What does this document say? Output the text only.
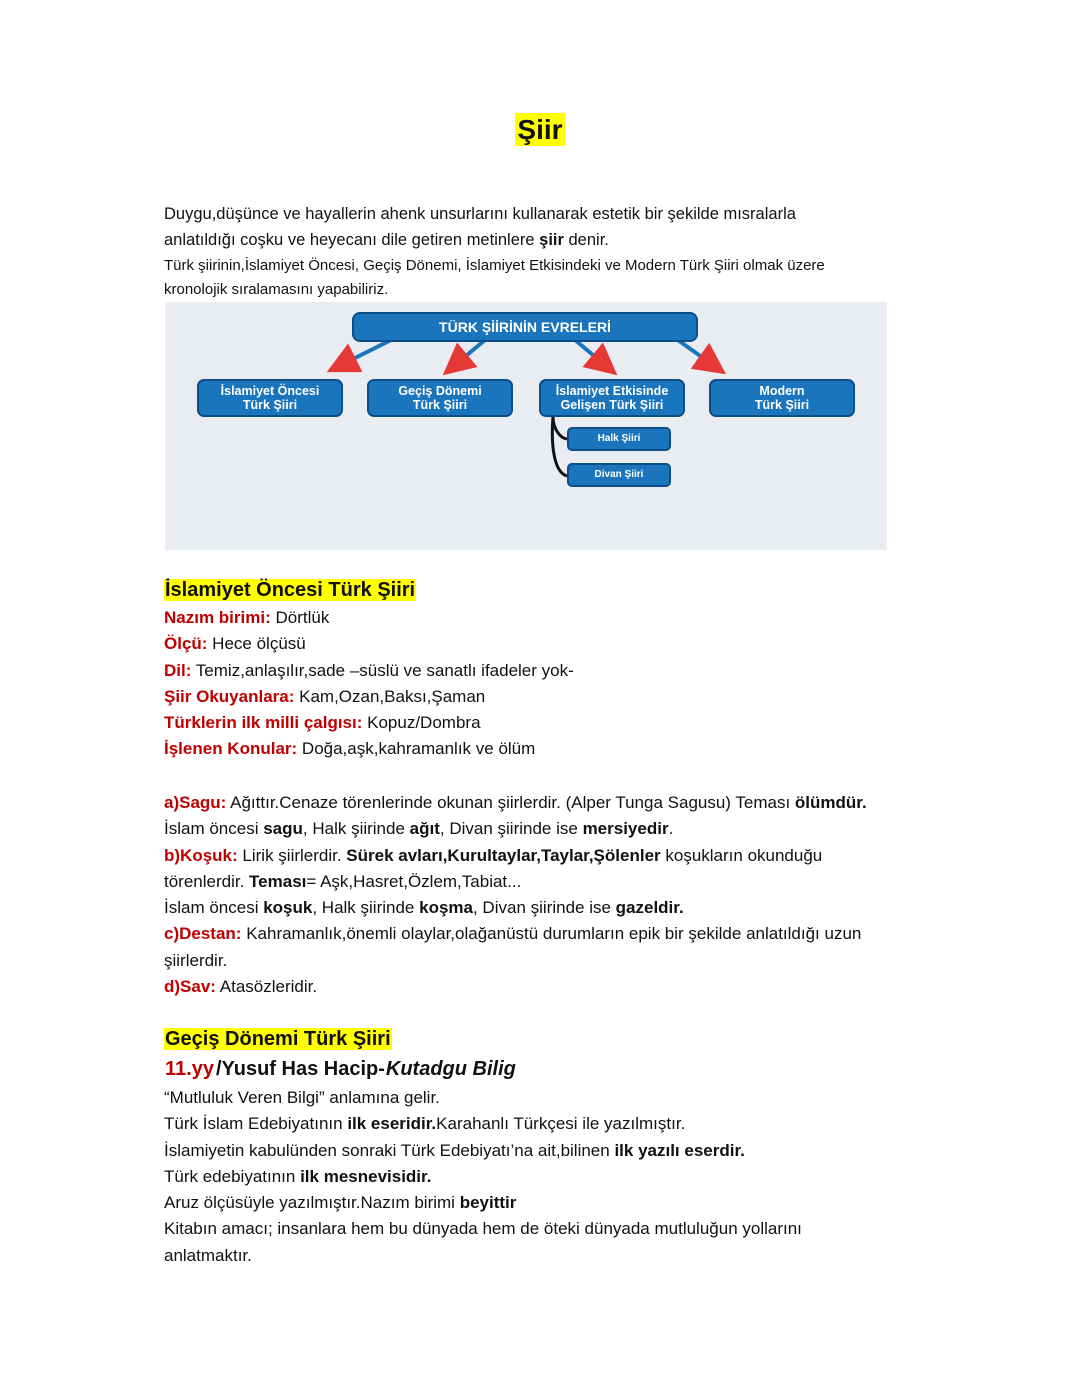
Şiir
Duygu,düşünce ve hayallerin ahenk unsurlarını kullanarak estetik bir şekilde mısralarla
anlatıldığı coşku ve heyecanı dile getiren metinlere şiir denir.
Türk şiirinin,İslamiyet Öncesi, Geçiş Dönemi, İslamiyet Etkisindeki ve Modern Türk Şiiri olmak üzere
kronolojik sıralamasını yapabiliriz.
TÜRK ŞİİRİNİN EVRELERİ
İslamiyet Öncesi
Türk Şiiri
Geçiş Dönemi
Türk Şiiri
İslamiyet Etkisinde
Gelişen Türk Şiiri
Modern
Türk Şiiri
Halk Şiiri
Divan Şiiri
İslamiyet Öncesi Türk Şiiri
Nazım birimi: Dörtlük
Ölçü: Hece ölçüsü
Dil: Temiz,anlaşılır,sade –süslü ve sanatlı ifadeler yok-
Şiir Okuyanlara: Kam,Ozan,Baksı,Şaman
Türklerin ilk milli çalgısı: Kopuz/Dombra
İşlenen Konular: Doğa,aşk,kahramanlık ve ölüm
a)Sagu: Ağıttır.Cenaze törenlerinde okunan şiirlerdir. (Alper Tunga Sagusu) Teması ölümdür.
İslam öncesi sagu, Halk şiirinde ağıt, Divan şiirinde ise mersiyedir.
b)Koşuk: Lirik şiirlerdir. Sürek avları,Kurultaylar,Taylar,Şölenler koşukların okunduğu
törenlerdir. Teması= Aşk,Hasret,Özlem,Tabiat...
İslam öncesi koşuk, Halk şiirinde koşma, Divan şiirinde ise gazeldir.
c)Destan: Kahramanlık,önemli olaylar,olağanüstü durumların epik bir şekilde anlatıldığı uzun
şiirlerdir.
d)Sav: Atasözleridir.
Geçiş Dönemi Türk Şiiri
11.yy /Yusuf Has Hacip-Kutadgu Bilig
“Mutluluk Veren Bilgi” anlamına gelir.
Türk İslam Edebiyatının ilk eseridir.Karahanlı Türkçesi ile yazılmıştır.
İslamiyetin kabulünden sonraki Türk Edebiyatı’na ait,bilinen ilk yazılı eserdir.
Türk edebiyatının ilk mesnevisidir.
Aruz ölçüsüyle yazılmıştır.Nazım birimi beyittir
Kitabın amacı; insanlara hem bu dünyada hem de öteki dünyada mutluluğun yollarını
anlatmaktır.
